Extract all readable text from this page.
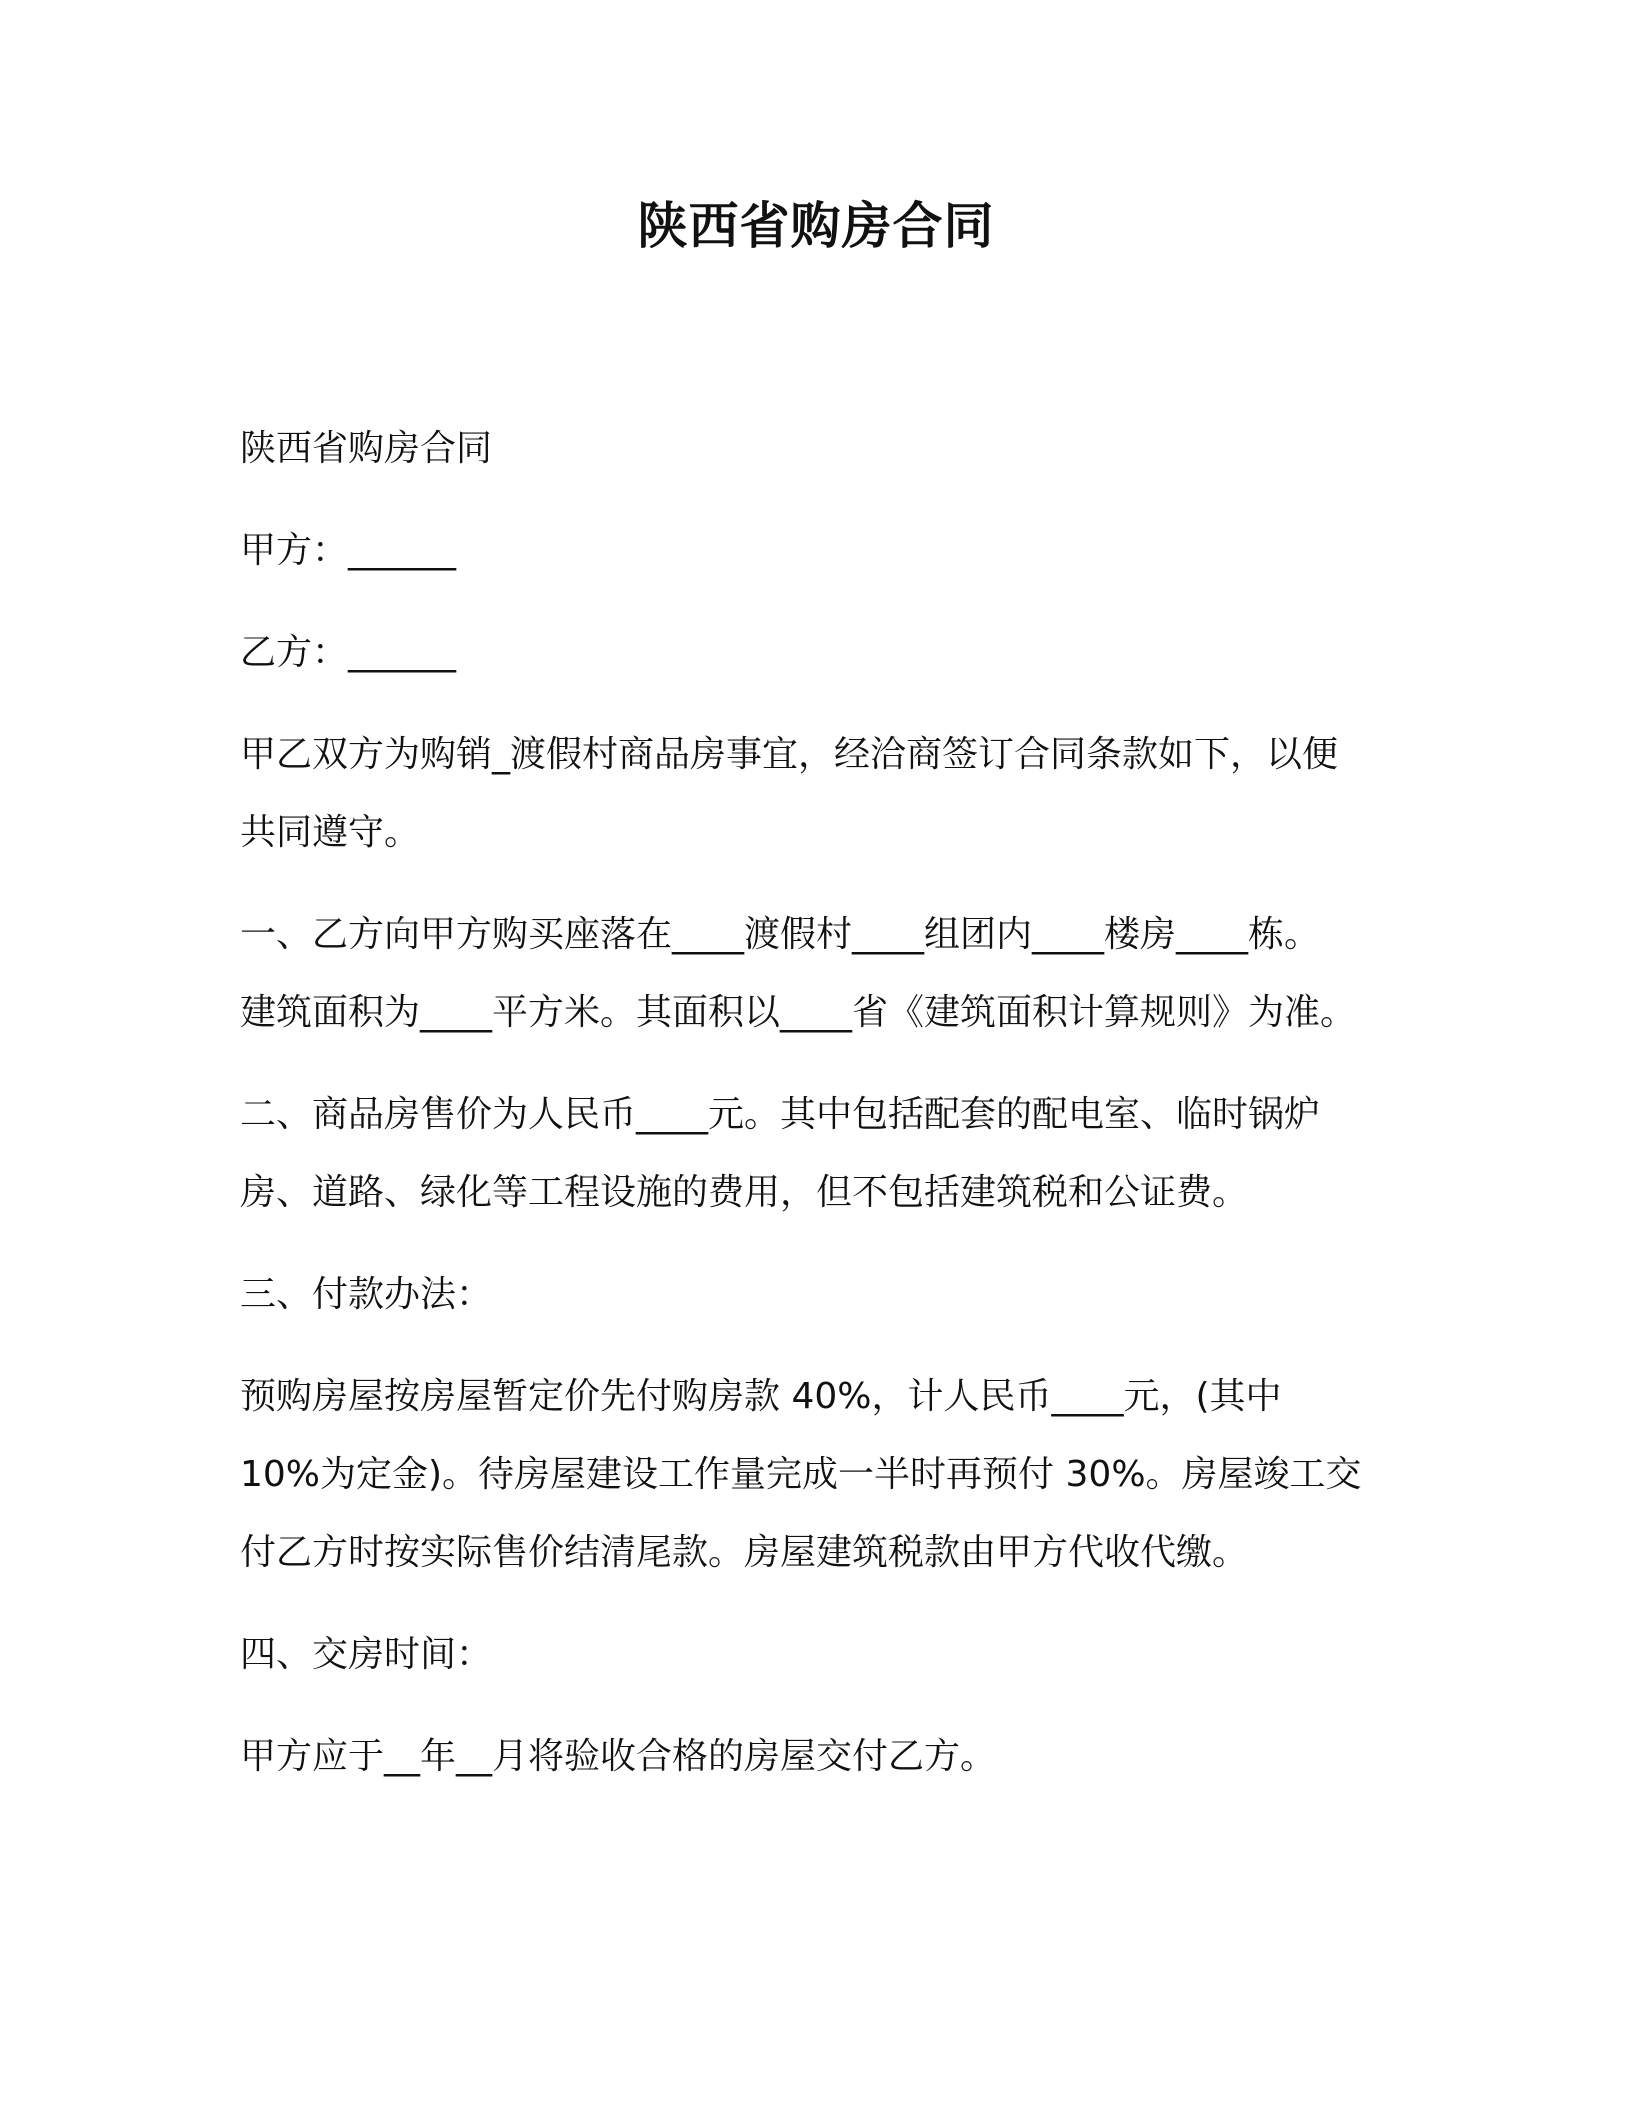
陕西省购房合同
陕西省购房合同
甲方：______
乙方：______
甲乙双方为购销_渡假村商品房事宜，经洽商签订合同条款如下，以便
共同遵守。
一、乙方向甲方购买座落在____渡假村____组团内____楼房____栋。
建筑面积为____平方米。其面积以____省《建筑面积计算规则》为准。
二、商品房售价为人民币____元。其中包括配套的配电室、临时锅炉
房、道路、绿化等工程设施的费用，但不包括建筑税和公证费。
三、付款办法：
预购房屋按房屋暂定价先付购房款 40%，计人民币____元，(其中
10%为定金)。待房屋建设工作量完成一半时再预付 30%。房屋竣工交
付乙方时按实际售价结清尾款。房屋建筑税款由甲方代收代缴。
四、交房时间：
甲方应于__年__月将验收合格的房屋交付乙方。
